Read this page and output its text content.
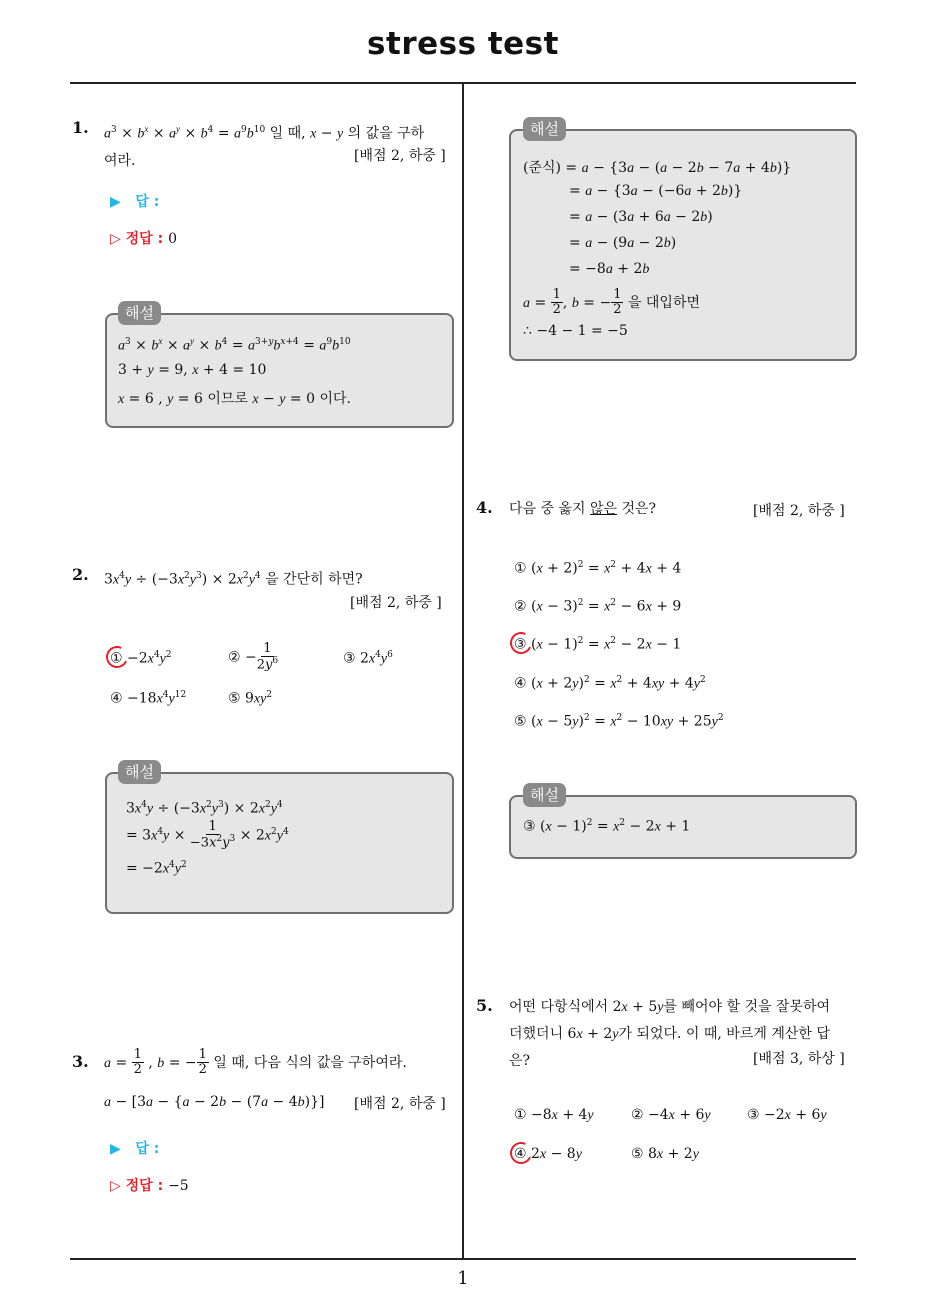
stress test
1
1. $a^3 \times b^x \times a^y \times b^4 = a^9b^{10}$ 일 때, x − y 의 값을 구하
여라.	[배점 2, 하중 ]
▶ 답 :
▷ 정답 : 0
해설
$a^3 \times b^x \times a^y \times b^4 = a^{3+y}b^{x+4} = a^9b^{10}$
3 + y = 9, x + 4 = 10
x = 6 , y = 6 이므로 x − y = 0 이다.
2. $3x^4y \div (-3x^2y^3) \times 2x^2y^4$ 을 간단히 하면?
[배점 2, 하중 ]
① $-2x^4y^2$	② − $\frac{1}{2y^6}$	③ $2x^4y^6$
④ $-18x^4y^{12}$	⑤ $9xy^2$
해설
$3x^4y \div (-3x^2y^3) \times 2x^2y^4$
= $3x^4y \times \frac{1}{-3x^2y^3} \times 2x^2y^4$
= $-2x^4y^2$
3. $a = \frac{1}{2}$ , b = − $\frac{1}{2}$ 일 때, 다음 식의 값을 구하여라.
a − [3a − {a − 2b − (7a − 4b)}] [배점 2, 하중 ]
▶ 답 :
▷ 정답 : −5
해설
(준식) = a − {3a − (a − 2b − 7a + 4b)}
= a − {3a − (−6a + 2b)}
= a − (3a + 6a − 2b)
= a − (9a − 2b)
= −8a + 2b
$a = \frac{1}{2}$ , b = − $\frac{1}{2}$ 을 대입하면
∴ −4 − 1 = −5
4. 다음 중 옳지 않은 것은?	[배점 2, 하중 ]
① $(x + 2)^2 = x^2 + 4x + 4$
② $(x - 3)^2 = x^2 - 6x + 9$
③ $(x - 1)^2 = x^2 - 2x - 1$
④ $(x + 2y)^2 = x^2 + 4xy + 4y^2$
⑤ $(x - 5y)^2 = x^2 - 10xy + 25y^2$
해설
③ $(x - 1)^2 = x^2 - 2x + 1$
5. 어떤 다항식에서 2x + 5y를 빼어야 할 것을 잘못하여
더했더니 6x + 2y가 되었다. 이 때, 바르게 계산한 답
은?	[배점 3, 하상 ]
① −8x + 4y	② −4x + 6y	③ −2x + 6y
④ 2x − 8y	⑤ 8x + 2y
